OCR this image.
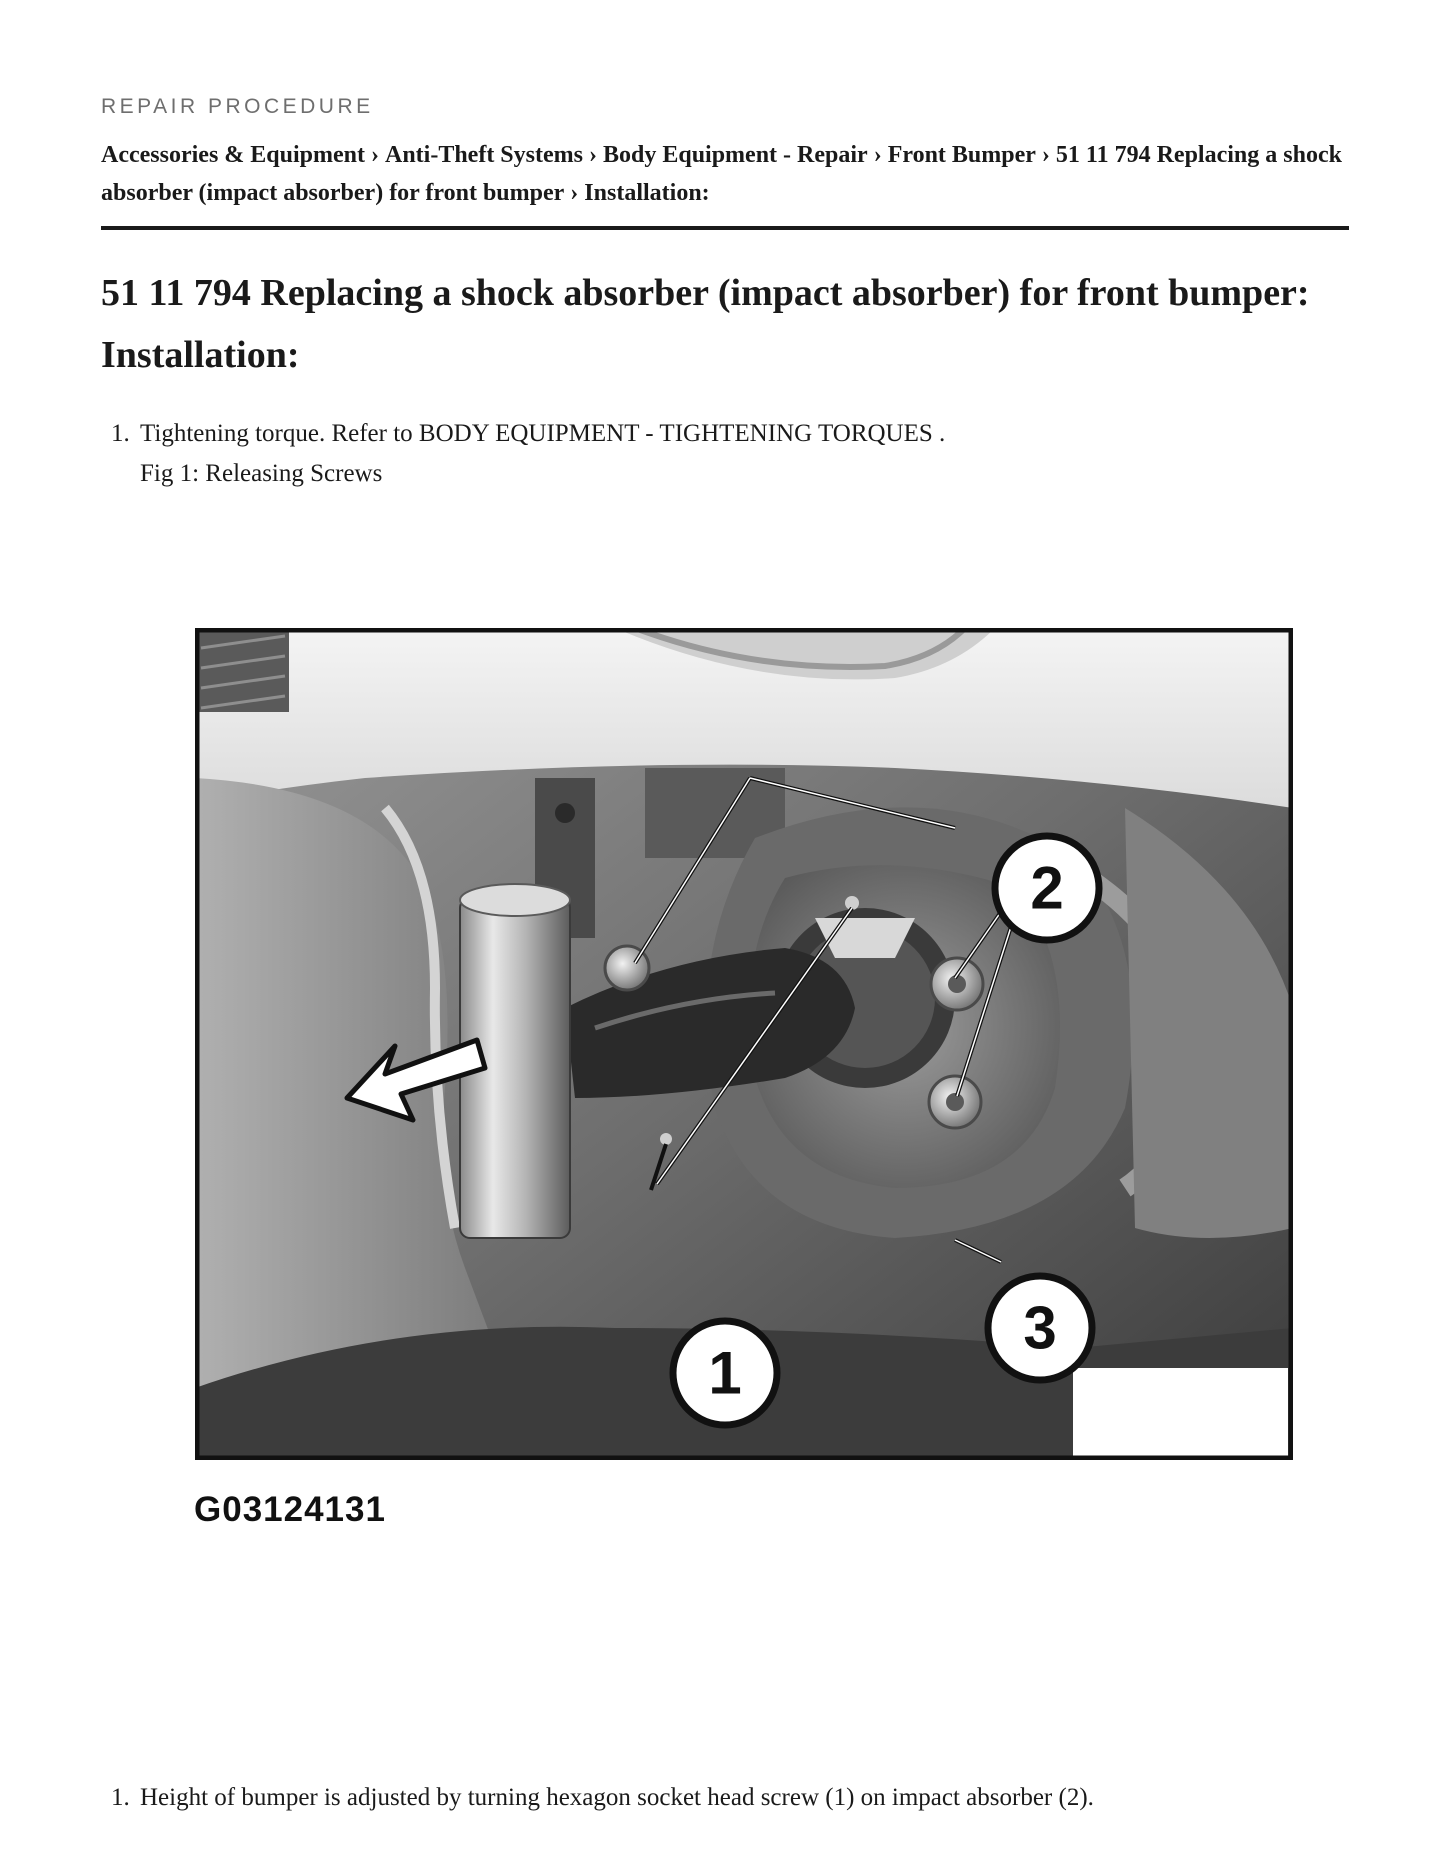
REPAIR PROCEDURE
Accessories & Equipment › Anti-Theft Systems › Body Equipment - Repair › Front Bumper › 51 11 794 Replacing a shock absorber (impact absorber) for front bumper › Installation:
51 11 794 Replacing a shock absorber (impact absorber) for front bumper: Installation:
1. Tightening torque. Refer to BODY EQUIPMENT - TIGHTENING TORQUES .
Fig 1: Releasing Screws
2
1
3
G03124131
1. Height of bumper is adjusted by turning hexagon socket head screw (1) on impact absorber (2).
